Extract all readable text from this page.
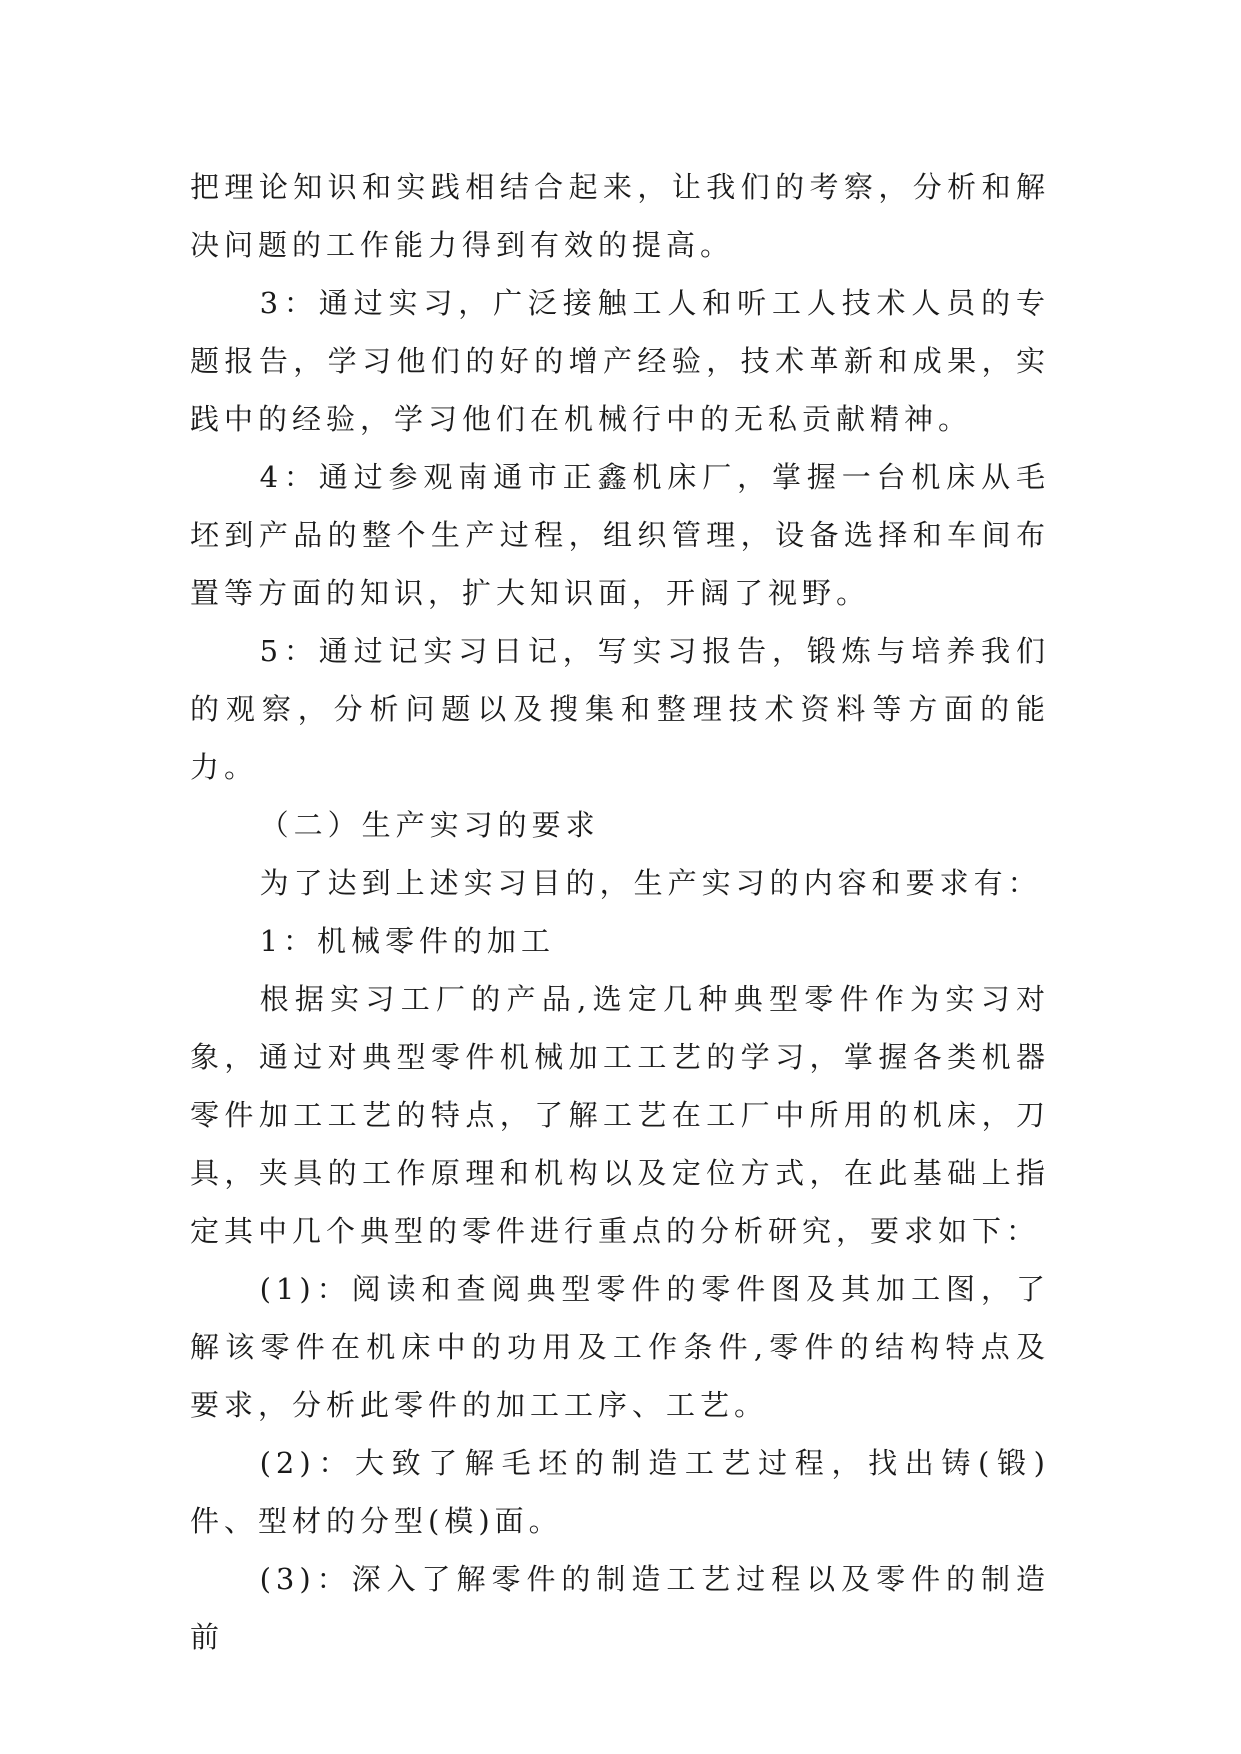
把理论知识和实践相结合起来，让我们的考察，分析和解决问题的工作能力得到有效的提高。

3：通过实习，广泛接触工人和听工人技术人员的专题报告，学习他们的好的增产经验，技术革新和成果，实践中的经验，学习他们在机械行中的无私贡献精神。

4：通过参观南通市正鑫机床厂，掌握一台机床从毛坯到产品的整个生产过程，组织管理，设备选择和车间布置等方面的知识，扩大知识面，开阔了视野。

5：通过记实习日记，写实习报告，锻炼与培养我们的观察，分析问题以及搜集和整理技术资料等方面的能力。

（二）生产实习的要求

为了达到上述实习目的，生产实习的内容和要求有：

1：机械零件的加工

根据实习工厂的产品,选定几种典型零件作为实习对象，通过对典型零件机械加工工艺的学习，掌握各类机器零件加工工艺的特点，了解工艺在工厂中所用的机床，刀具，夹具的工作原理和机构以及定位方式，在此基础上指定其中几个典型的零件进行重点的分析研究，要求如下：

(1)：阅读和查阅典型零件的零件图及其加工图，了解该零件在机床中的功用及工作条件,零件的结构特点及要求，分析此零件的加工工序、工艺。

(2)：大致了解毛坯的制造工艺过程，找出铸(锻)件、型材的分型(模)面。

(3)：深入了解零件的制造工艺过程以及零件的制造前
